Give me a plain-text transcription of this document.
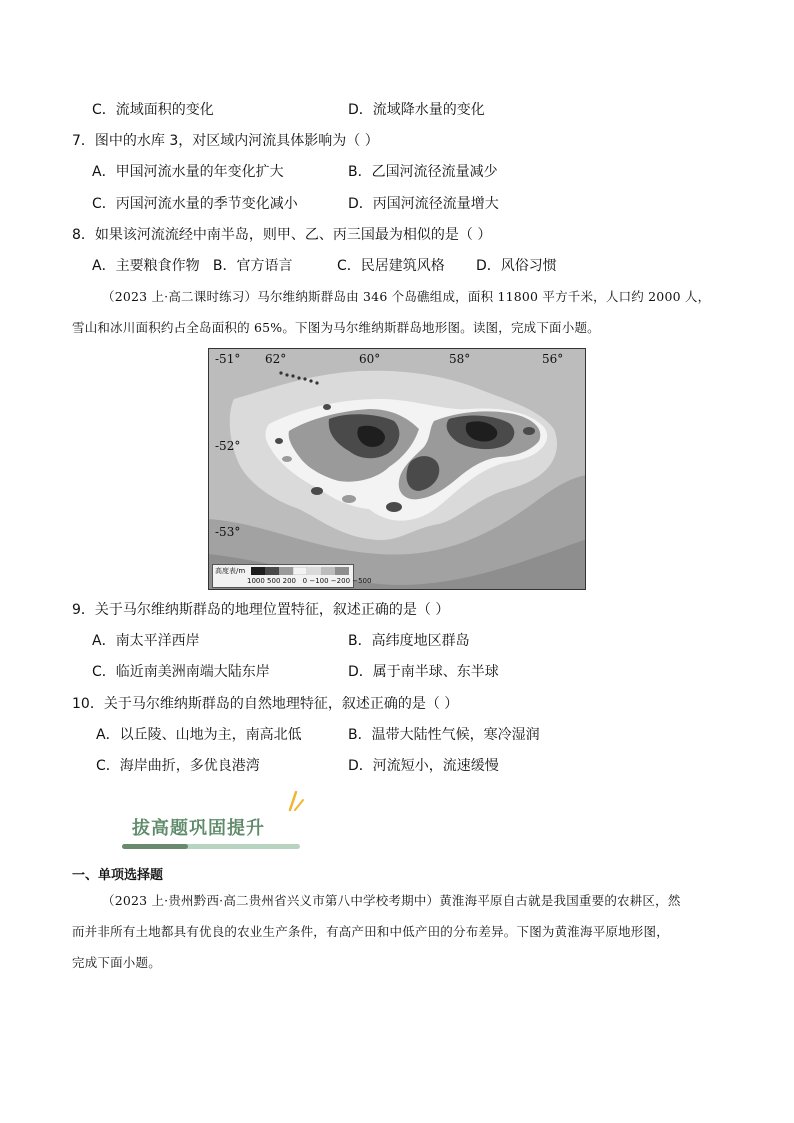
C．流域面积的变化	D．流域降水量的变化
7．图中的水库 3，对区域内河流具体影响为（ ）
A．甲国河流水量的年变化扩大	B．乙国河流径流量减少
C．丙国河流水量的季节变化减小	D．丙国河流径流量增大
8．如果该河流流经中南半岛，则甲、乙、丙三国最为相似的是（ ）
A．主要粮食作物   B．官方语言          C．民居建筑风格       D．风俗习惯
（2023 上·高二课时练习）马尔维纳斯群岛由 346 个岛礁组成，面积 11800 平方千米，人口约 2000 人，
雪山和冰川面积约占全岛面积的 65%。下图为马尔维纳斯群岛地形图。读图，完成下面小题。
-51°
-52°
-53°
62°	60°	58°	56°
高度表/m
1000 500 200   0 −100 −200 −500
9．关于马尔维纳斯群岛的地理位置特征，叙述正确的是（ ）
A．南太平洋西岸	B．高纬度地区群岛
C．临近南美洲南端大陆东岸	D．属于南半球、东半球
10．关于马尔维纳斯群岛的自然地理特征，叙述正确的是（ ）
A．以丘陵、山地为主，南高北低	B．温带大陆性气候，寒冷湿润
C．海岸曲折，多优良港湾	D．河流短小，流速缓慢
拔高题巩固提升
一、单项选择题
（2023 上·贵州黔西·高二贵州省兴义市第八中学校考期中）黄淮海平原自古就是我国重要的农耕区，然
而并非所有土地都具有优良的农业生产条件，有高产田和中低产田的分布差异。下图为黄淮海平原地形图，
完成下面小题。
